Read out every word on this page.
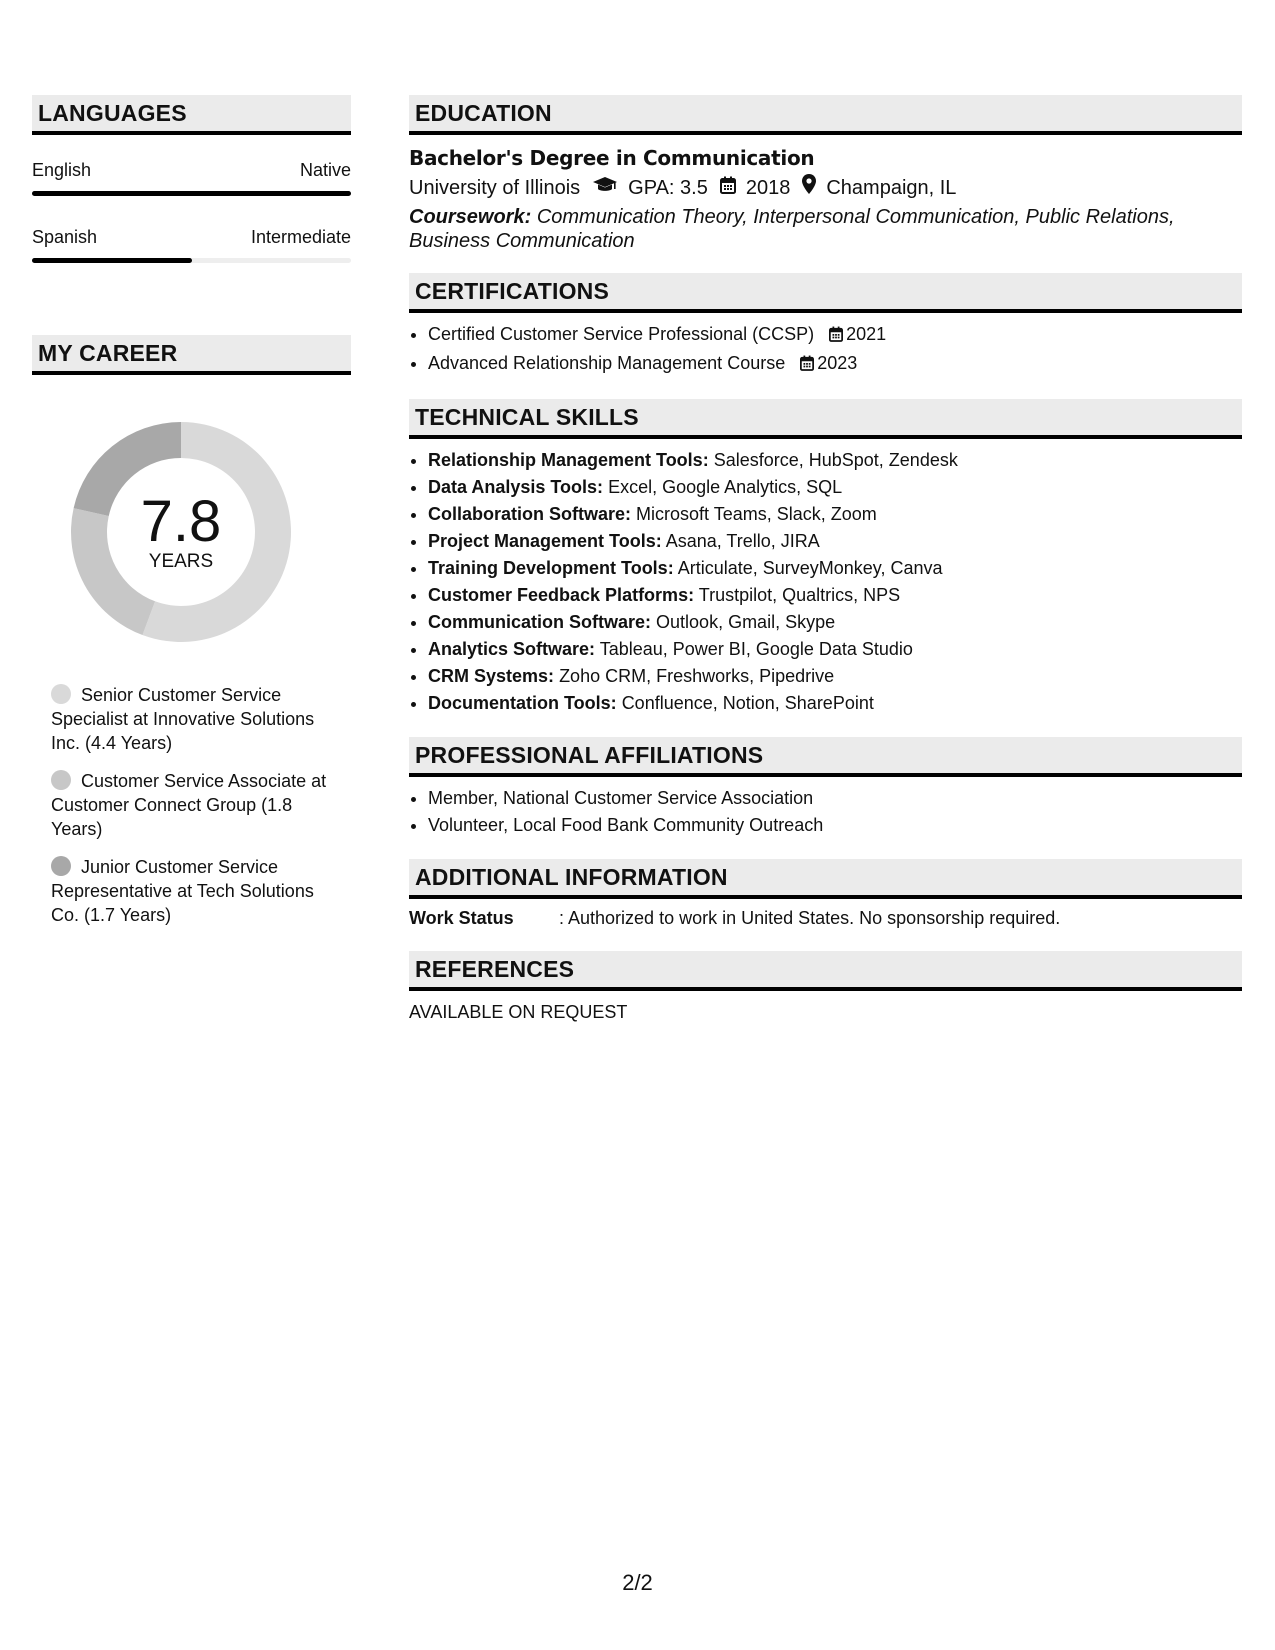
LANGUAGES
English	Native
Spanish	Intermediate
MY CAREER
7.8
YEARS
Senior Customer Service Specialist at Innovative Solutions Inc. (4.4 Years)
Customer Service Associate at Customer Connect Group (1.8 Years)
Junior Customer Service Representative at Tech Solutions Co. (1.7 Years)
EDUCATION
Bachelor's Degree in Communication
University of Illinois GPA: 3.5 2018 Champaign, IL
Coursework: Communication Theory, Interpersonal Communication, Public Relations, Business Communication
CERTIFICATIONS
• Certified Customer Service Professional (CCSP) 2021
• Advanced Relationship Management Course 2023
TECHNICAL SKILLS
• Relationship Management Tools: Salesforce, HubSpot, Zendesk
• Data Analysis Tools: Excel, Google Analytics, SQL
• Collaboration Software: Microsoft Teams, Slack, Zoom
• Project Management Tools: Asana, Trello, JIRA
• Training Development Tools: Articulate, SurveyMonkey, Canva
• Customer Feedback Platforms: Trustpilot, Qualtrics, NPS
• Communication Software: Outlook, Gmail, Skype
• Analytics Software: Tableau, Power BI, Google Data Studio
• CRM Systems: Zoho CRM, Freshworks, Pipedrive
• Documentation Tools: Confluence, Notion, SharePoint
PROFESSIONAL AFFILIATIONS
• Member, National Customer Service Association
• Volunteer, Local Food Bank Community Outreach
ADDITIONAL INFORMATION
Work Status	: Authorized to work in United States. No sponsorship required.
REFERENCES
AVAILABLE ON REQUEST
2/2
